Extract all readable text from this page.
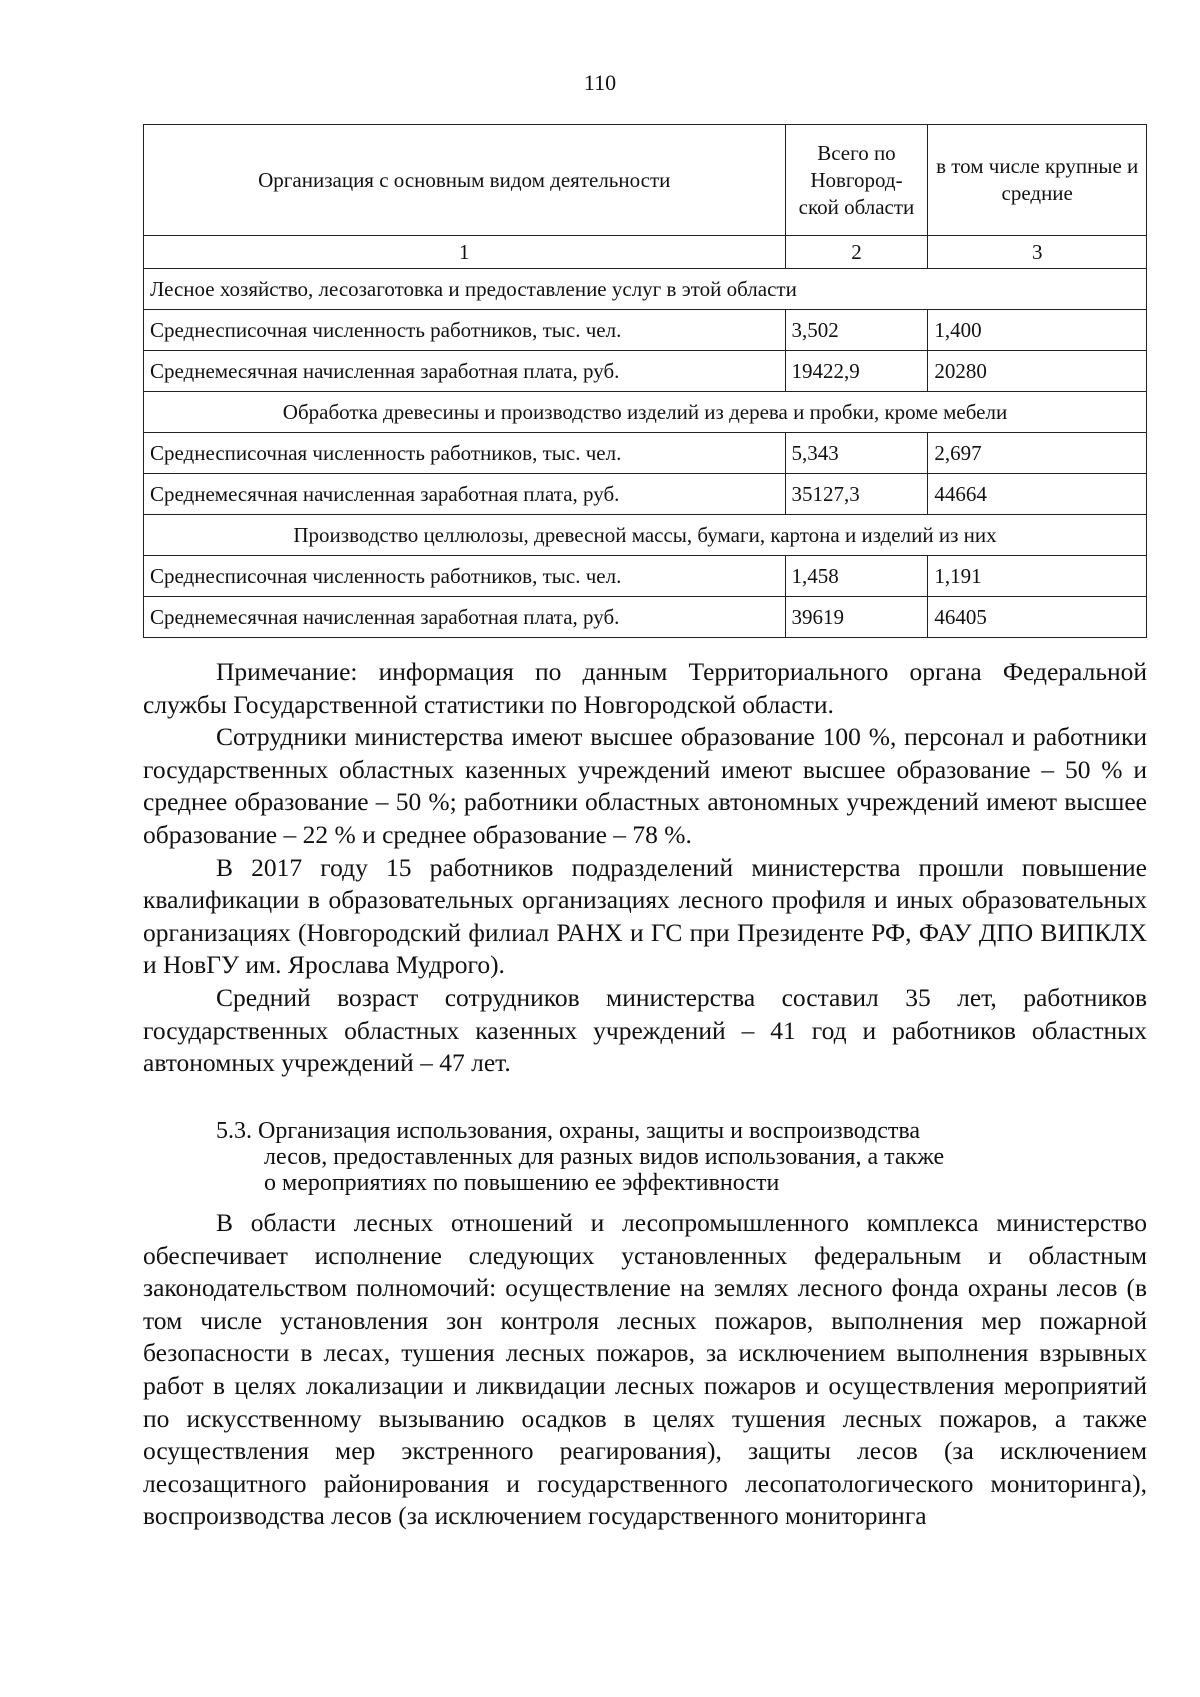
110
Организация с основным видом деятельности	Всего по Новгород-ской области	в том числе крупные и средние
1	2	3
Лесное хозяйство, лесозаготовка и предоставление услуг в этой области		
Среднесписочная численность работников, тыс. чел.	3,502	1,400
Среднемесячная начисленная заработная плата, руб.	19422,9	20280
Обработка древесины и производство изделий из дерева и пробки, кроме мебели		
Среднесписочная численность работников, тыс. чел.	5,343	2,697
Среднемесячная начисленная заработная плата, руб.	35127,3	44664
Производство целлюлозы, древесной массы, бумаги, картона и изделий из них		
Среднесписочная численность работников, тыс. чел.	1,458	1,191
Среднемесячная начисленная заработная плата, руб.	39619	46405

Примечание: информация по данным Территориального органа Федеральной службы Государственной статистики по Новгородской области.

Сотрудники министерства имеют высшее образование 100 %, персонал и работники государственных областных казенных учреждений имеют высшее образование – 50 % и среднее образование – 50 %; работники областных автономных учреждений имеют высшее образование – 22 % и среднее образование – 78 %.

В 2017 году 15 работников подразделений министерства прошли повышение квалификации в образовательных организациях лесного профиля и иных образовательных организациях (Новгородский филиал РАНХ и ГС при Президенте РФ, ФАУ ДПО ВИПКЛХ и НовГУ им. Ярослава Мудрого).

Средний возраст сотрудников министерства составил 35 лет, работников государственных областных казенных учреждений – 41 год и работников областных автономных учреждений – 47 лет.

5.3. Организация использования, охраны, защиты и воспроизводства
лесов, предоставленных для разных видов использования, а также
о мероприятиях по повышению ее эффективности

В области лесных отношений и лесопромышленного комплекса министерство обеспечивает исполнение следующих установленных федеральным и областным законодательством полномочий: осуществление на землях лесного фонда охраны лесов (в том числе установления зон контроля лесных пожаров, выполнения мер пожарной безопасности в лесах, тушения лесных пожаров, за исключением выполнения взрывных работ в целях локализации и ликвидации лесных пожаров и осуществления мероприятий по искусственному вызыванию осадков в целях тушения лесных пожаров, а также осуществления мер экстренного реагирования), защиты лесов (за исключением лесозащитного районирования и государственного лесопатологического мониторинга), воспроизводства лесов (за исключением государственного мониторинга
